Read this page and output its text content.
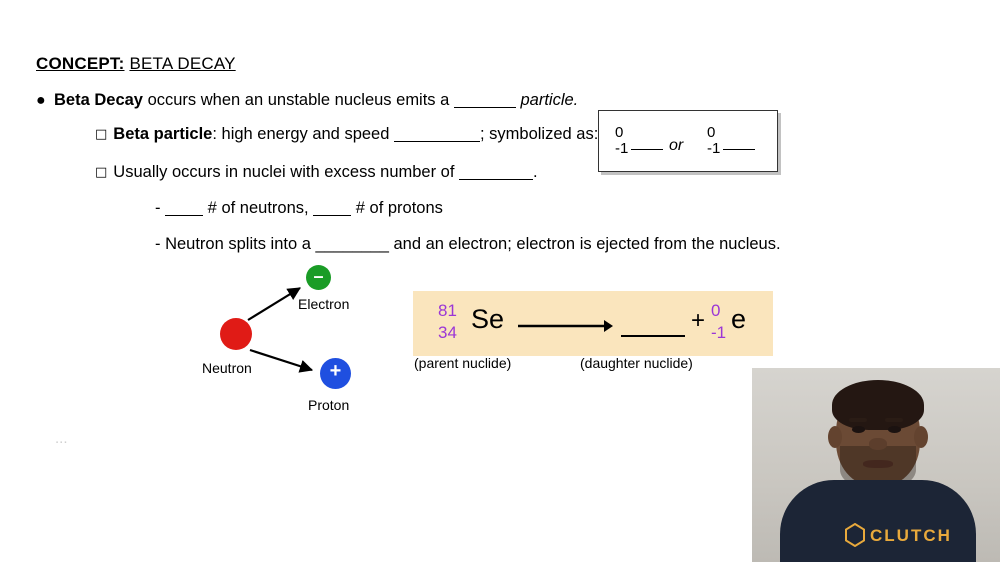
CONCEPT: BETA DECAY
● Beta Decay occurs when an unstable nucleus emits a	particle.
□ Beta particle: high energy and speed	; symbolized as: 0
-1	or
0
-1
□ Usually occurs in nuclei with excess number of	.
-  # of neutrons,  # of protons
- Neutron splits into a ________ and an electron; electron is ejected from the nucleus.
–
+
Neutron
Electron
Proton
81
34 Se	+ 0
-1 e
(parent nuclide)	(daughter nuclide)
...
CLUTCH
